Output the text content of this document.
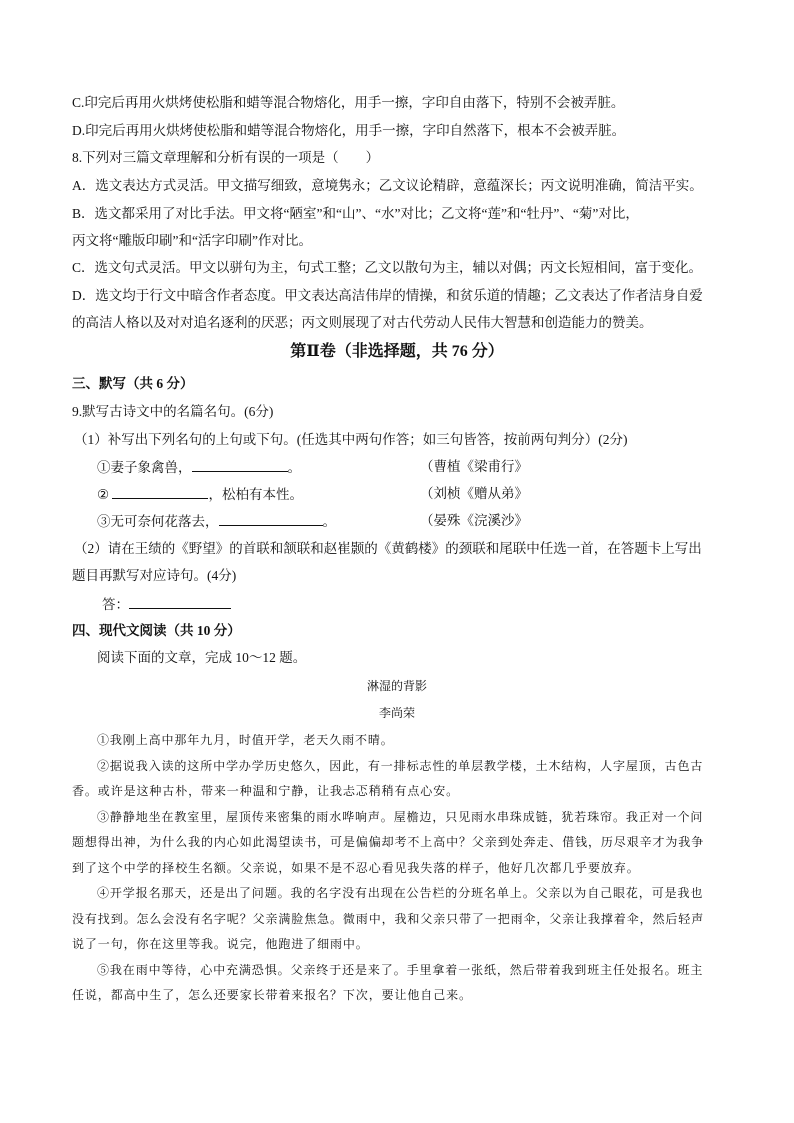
C.印完后再用火烘烤使松脂和蜡等混合物熔化，用手一擦，字印自由落下，特别不会被弄脏。
D.印完后再用火烘烤使松脂和蜡等混合物熔化，用手一擦，字印自然落下，根本不会被弄脏。
8.下列对三篇文章理解和分析有误的一项是（　　）
A．选文表达方式灵活。甲文描写细致，意境隽永；乙文议论精辟，意蕴深长；丙文说明准确，简洁平实。
B．选文都采用了对比手法。甲文将“陋室”和“山”、“水”对比；乙文将“莲”和“牡丹”、“菊”对比，
丙文将“雕版印刷”和“活字印刷”作对比。
C．选文句式灵活。甲文以骈句为主，句式工整；乙文以散句为主，辅以对偶；丙文长短相间，富于变化。
D．选文均于行文中暗含作者态度。甲文表达高洁伟岸的情操，和贫乐道的情趣；乙文表达了作者洁身自爱
的高洁人格以及对对追名逐利的厌恶；丙文则展现了对古代劳动人民伟大智慧和创造能力的赞美。
第Ⅱ卷（非选择题，共 76 分）
三、默写（共 6 分）
9.默写古诗文中的名篇名句。(6分)
（1）补写出下列名句的上句或下句。(任选其中两句作答；如三句皆答，按前两句判分）(2分)
①妻子象禽兽，	。	（曹植《梁甫行》
②	，松柏有本性。	（刘桢《赠从弟》
③无可奈何花落去，	。	（晏殊《浣溪沙》
（2）请在王绩的《野望》的首联和颔联和赵崔颢的《黄鹤楼》的颈联和尾联中任选一首，在答题卡上写出
题目再默写对应诗句。(4分)
答：
四、现代文阅读（共 10 分）
阅读下面的文章，完成 10～12 题。
淋湿的背影
李尚荣
①我刚上高中那年九月，时值开学，老天久雨不晴。
②据说我入读的这所中学办学历史悠久，因此，有一排标志性的单层教学楼，土木结构，人字屋顶，古色古
香。或许是这种古朴，带来一种温和宁静，让我忐忑稍稍有点心安。
③静静地坐在教室里，屋顶传来密集的雨水哗响声。屋檐边，只见雨水串珠成链，犹若珠帘。我正对一个问
题想得出神，为什么我的内心如此渴望读书，可是偏偏却考不上高中？父亲到处奔走、借钱，历尽艰辛才为我争
到了这个中学的择校生名额。父亲说，如果不是不忍心看见我失落的样子，他好几次都几乎要放弃。
④开学报名那天，还是出了问题。我的名字没有出现在公告栏的分班名单上。父亲以为自己眼花，可是我也
没有找到。怎么会没有名字呢？父亲满脸焦急。微雨中，我和父亲只带了一把雨伞，父亲让我撑着伞，然后轻声
说了一句，你在这里等我。说完，他跑进了细雨中。
⑤我在雨中等待，心中充满恐惧。父亲终于还是来了。手里拿着一张纸，然后带着我到班主任处报名。班主
任说，都高中生了，怎么还要家长带着来报名？下次，要让他自己来。
